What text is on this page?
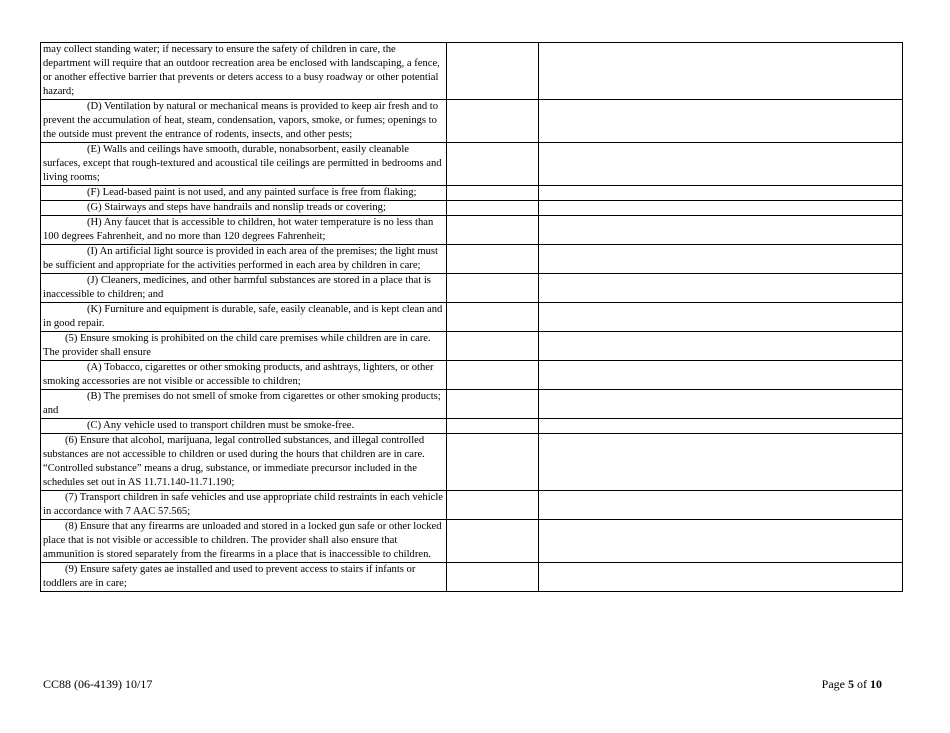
may collect standing water; if necessary to ensure the safety of children in care, the department will require that an outdoor recreation area be enclosed with landscaping, a fence, or another effective barrier that prevents or deters access to a busy roadway or other potential hazard;		
(D) Ventilation by natural or mechanical means is provided to keep air fresh and to prevent the accumulation of heat, steam, condensation, vapors, smoke, or fumes; openings to the outside must prevent the entrance of rodents, insects, and other pests;		
(E) Walls and ceilings have smooth, durable, nonabsorbent, easily cleanable surfaces, except that rough-textured and acoustical tile ceilings are permitted in bedrooms and living rooms;		
(F) Lead-based paint is not used, and any painted surface is free from flaking;		
(G) Stairways and steps have handrails and nonslip treads or covering;		
(H) Any faucet that is accessible to children, hot water temperature is no less than 100 degrees Fahrenheit, and no more than 120 degrees Fahrenheit;		
(I) An artificial light source is provided in each area of the premises; the light must be sufficient and appropriate for the activities performed in each area by children in care;		
(J) Cleaners, medicines, and other harmful substances are stored in a place that is inaccessible to children; and		
(K) Furniture and equipment is durable, safe, easily cleanable, and is kept clean and in good repair.		
(5) Ensure smoking is prohibited on the child care premises while children are in care. The provider shall ensure		
(A) Tobacco, cigarettes or other smoking products, and ashtrays, lighters, or other smoking accessories are not visible or accessible to children;		
(B) The premises do not smell of smoke from cigarettes or other smoking products; and		
(C) Any vehicle used to transport children must be smoke-free.		
(6) Ensure that alcohol, marijuana, legal controlled substances, and illegal controlled substances are not accessible to children or used during the hours that children are in care. “Controlled substance” means a drug, substance, or immediate precursor included in the schedules set out in AS 11.71.140-11.71.190;		
(7) Transport children in safe vehicles and use appropriate child restraints in each vehicle in accordance with 7 AAC 57.565;		
(8) Ensure that any firearms are unloaded and stored in a locked gun safe or other locked place that is not visible or accessible to children. The provider shall also ensure that ammunition is stored separately from the firearms in a place that is inaccessible to children.		
(9) Ensure safety gates ae installed and used to prevent access to stairs if infants or toddlers are in care;		
CC88 (06-4139) 10/17	Page 5 of 10
